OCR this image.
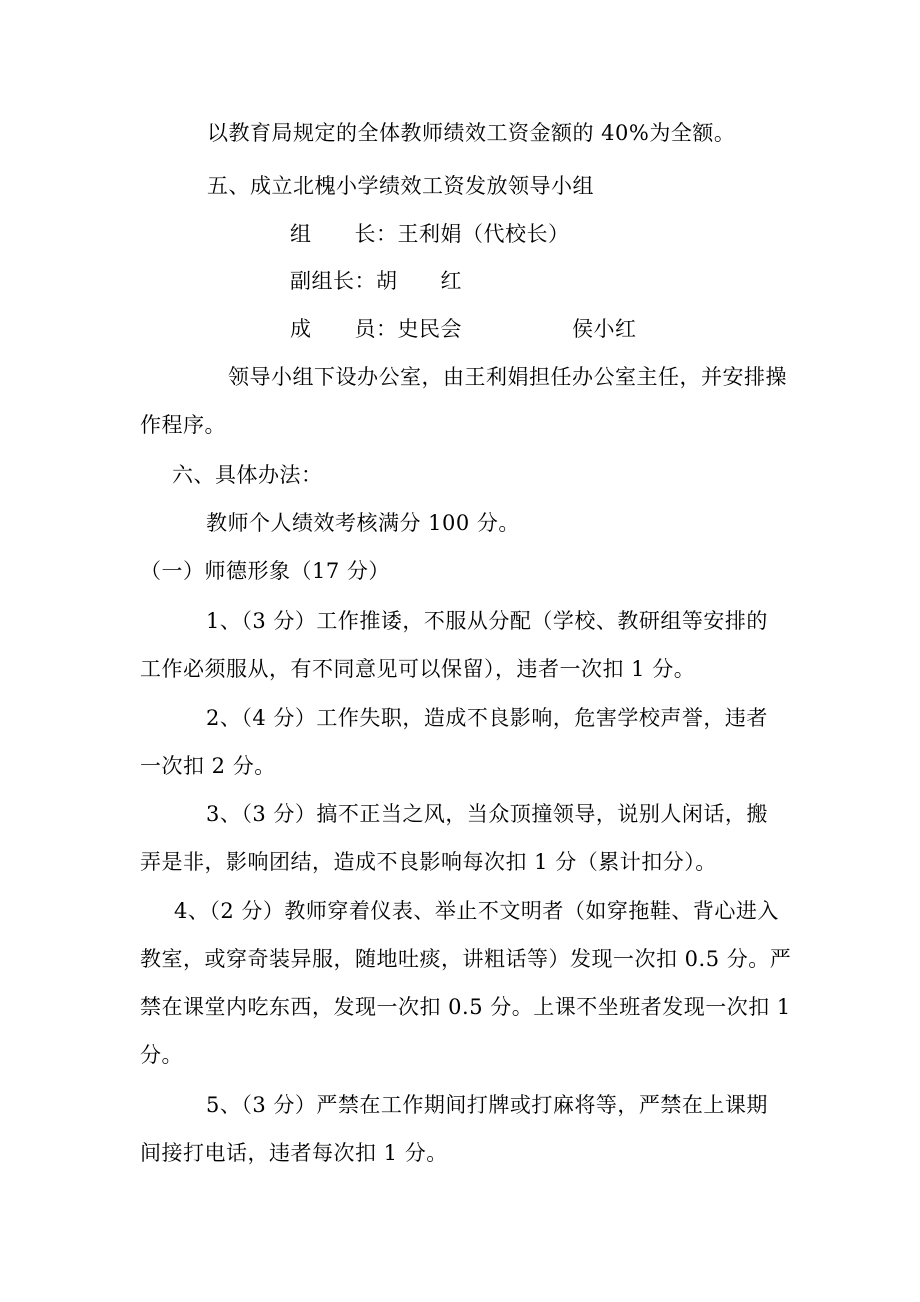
以教育局规定的全体教师绩效工资金额的 40%为全额。
五、成立北槐小学绩效工资发放领导小组
组　　长：王利娟（代校长）
副组长：胡　　红
成　　员：史民会	侯小红
领导小组下设办公室，由王利娟担任办公室主任，并安排操
作程序。
六、具体办法：
教师个人绩效考核满分 100 分。
（一）师德形象（17 分）
1、（3 分）工作推诿，不服从分配（学校、教研组等安排的
工作必须服从，有不同意见可以保留），违者一次扣 1 分。
2、（4 分）工作失职，造成不良影响，危害学校声誉，违者
一次扣 2 分。
3、（3 分）搞不正当之风，当众顶撞领导，说别人闲话，搬
弄是非，影响团结，造成不良影响每次扣 1 分（累计扣分）。
4、（2 分）教师穿着仪表、举止不文明者（如穿拖鞋、背心进入
教室，或穿奇装异服，随地吐痰，讲粗话等）发现一次扣 0.5 分。严
禁在课堂内吃东西，发现一次扣 0.5 分。上课不坐班者发现一次扣 1
分。
5、（3 分）严禁在工作期间打牌或打麻将等，严禁在上课期
间接打电话，违者每次扣 1 分。
